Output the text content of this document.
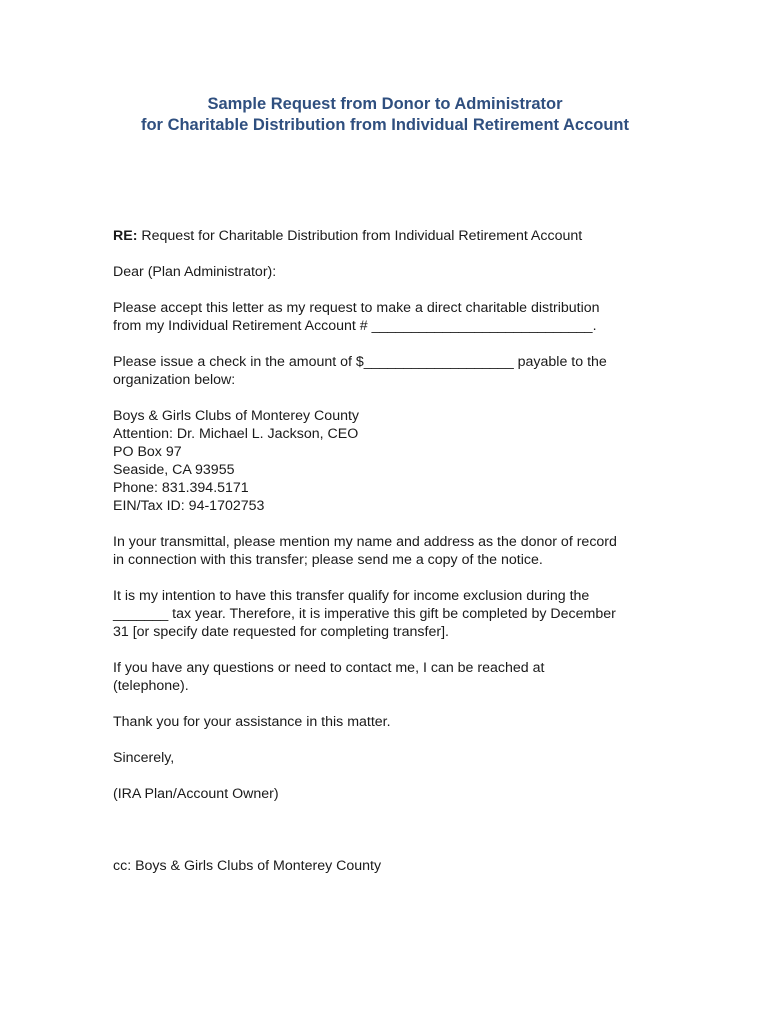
Sample Request from Donor to Administrator
for Charitable Distribution from Individual Retirement Account
RE: Request for Charitable Distribution from Individual Retirement Account
Dear (Plan Administrator):
Please accept this letter as my request to make a direct charitable distribution
from my Individual Retirement Account # ____________________________.
Please issue a check in the amount of $___________________ payable to the
organization below:
Boys & Girls Clubs of Monterey County
Attention: Dr. Michael L. Jackson, CEO
PO Box 97
Seaside, CA 93955
Phone: 831.394.5171
EIN/Tax ID: 94-1702753
In your transmittal, please mention my name and address as the donor of record
in connection with this transfer; please send me a copy of the notice.
It is my intention to have this transfer qualify for income exclusion during the
_______ tax year. Therefore, it is imperative this gift be completed by December
31 [or specify date requested for completing transfer].
If you have any questions or need to contact me, I can be reached at
(telephone).
Thank you for your assistance in this matter.
Sincerely,
(IRA Plan/Account Owner)
cc: Boys & Girls Clubs of Monterey County
